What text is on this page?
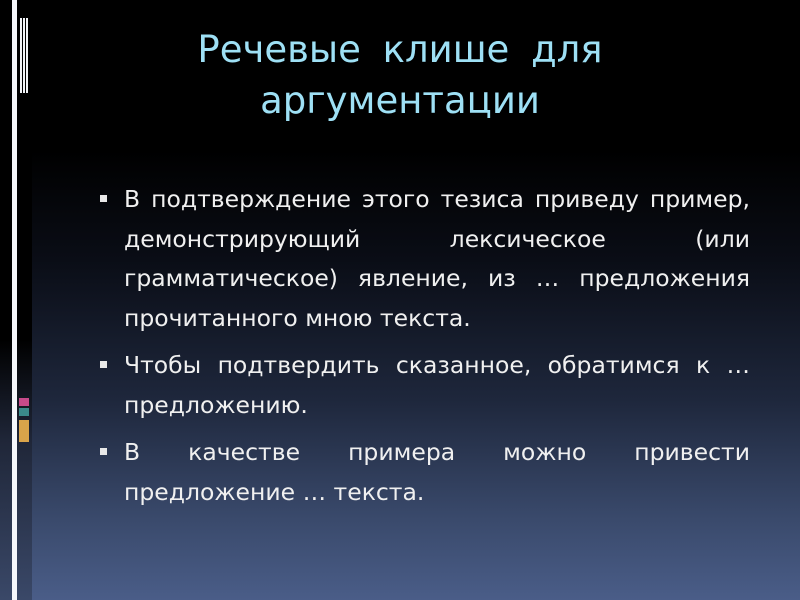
Речевые клише для аргументации
В подтверждение этого тезиса приведу пример, демонстрирующий лексическое (или грамматическое) явление, из … предложения прочитанного мною текста.
Чтобы подтвердить сказанное, обратимся к … предложению.
В качестве примера можно привести предложение … текста.
